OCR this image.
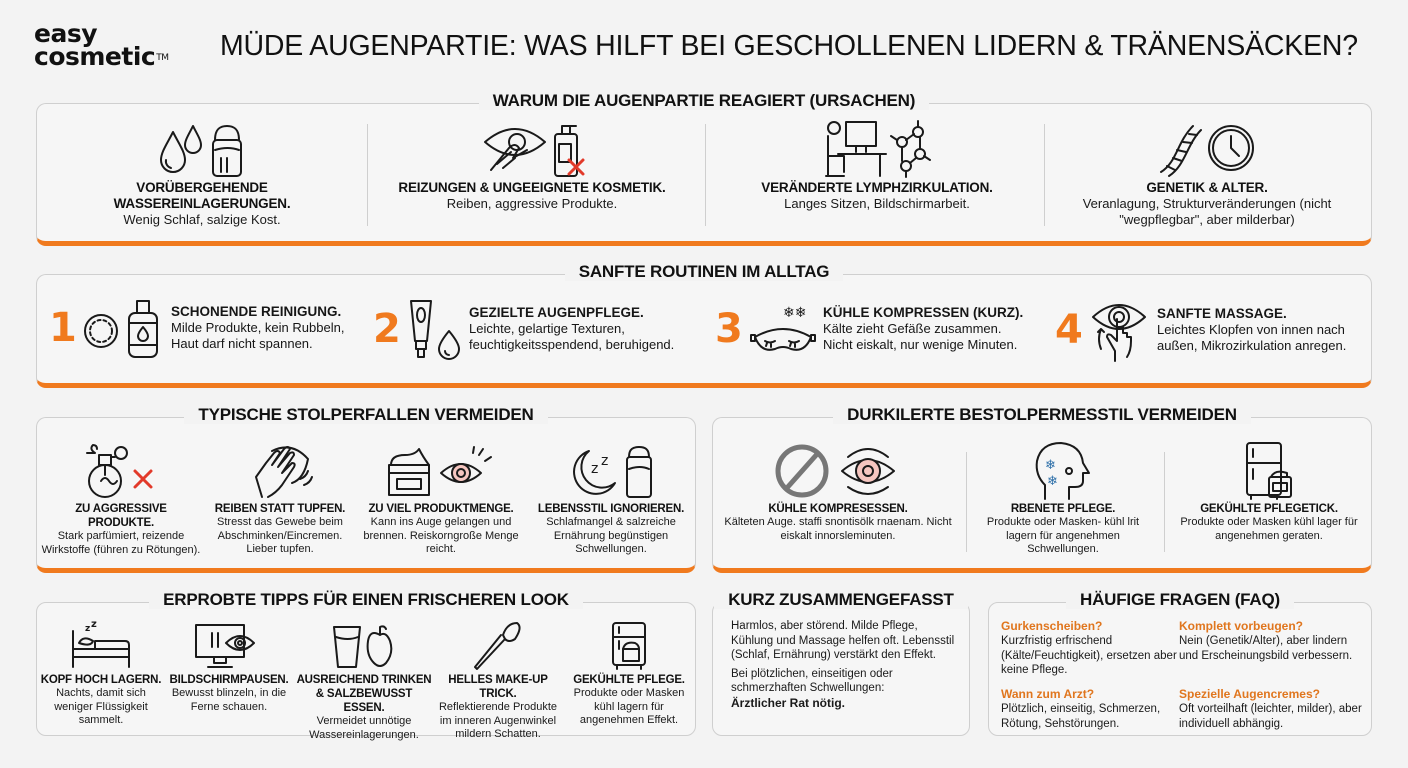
easy
cosmetic™ MÜDE AUGENPARTIE: WAS HILFT BEI GESCHOLLENEN LIDERN & TRÄNENSÄCKEN?
WARUM DIE AUGENPARTIE REAGIERT (URSACHEN)
VORÜBERGEHENDE WASSEREINLAGERUNGEN.

Wenig Schlaf, salzige Kost.

REIZUNGEN & UNGEEIGNETE KOSMETIK.

Reiben, aggressive Produkte.

VERÄNDERTE LYMPHZIRKULATION.

Langes Sitzen, Bildschirmarbeit.

GENETIK & ALTER.

Veranlagung, Strukturveränderungen (nicht "wegpflegbar", aber milderbar)

SANFTE ROUTINEN IM ALLTAG
1	SCHONENDE REINIGUNG.

Milde Produkte, kein Rubbeln,

Haut darf nicht spannen.	2	GEZIELTE AUGENPFLEGE.

Leichte, gelartige Texturen,

feuchtigkeitsspendend, beruhigend. 3	❄❄ KÜHLE KOMPRESSEN (KURZ).

Kälte zieht Gefäße zusammen.

Nicht eiskalt, nur wenige Minuten. 4	SANFTE MASSAGE.

Leichtes Klopfen von innen nach

außen, Mikrozirkulation anregen.

TYPISCHE STOLPERFALLEN VERMEIDEN
ZU AGGRESSIVE PRODUKTE.

Stark parfümiert, reizende Wirkstoffe (führen zu Rötungen).

REIBEN STATT TUPFEN.

Stresst das Gewebe beim Abschminken/Eincremen. Lieber tupfen.

ZU VIEL PRODUKTMENGE.

Kann ins Auge gelangen und brennen. Reiskorngroße Menge reicht.

z z
LEBENSSTIL IGNORIEREN.

Schlafmangel & salzreiche Ernährung begünstigen Schwellungen.

DURKILERTE BESTOLPERMESSTIL VERMEIDEN
KÜHLE KOMPRESESSEN.

Kälteten Auge. staffi snontisölk rnaenam. Nicht eiskalt innorsleminuten.

❄
❄
RBENETE PFLEGE.

Produkte oder Masken- kühl lrit lagern für angenehmen Schwellungen.

GEKÜHLTE PFLEGETICK.

Produkte oder Masken kühl lager für angenehmen geraten.

ERPROBTE TIPPS FÜR EINEN FRISCHEREN LOOK
z z
KOPF HOCH LAGERN.

Nachts, damit sich weniger Flüssigkeit sammelt.

BILDSCHIRMPAUSEN.

Bewusst blinzeln, in die Ferne schauen.

AUSREICHEND TRINKEN & SALZBEWUSST ESSEN.

Vermeidet unnötige Wassereinlagerungen.

HELLES MAKE-UP TRICK.

Reflektierende Produkte im inneren Augenwinkel mildern Schatten.

GEKÜHLTE PFLEGE.

Produkte oder Masken kühl lagern für angenehmen Effekt.

KURZ ZUSAMMENGEFASST

Harmlos, aber störend. Milde Pflege, Kühlung und Massage helfen oft. Lebensstil (Schlaf, Ernährung) verstärkt den Effekt.

Bei plötzlichen, einseitigen oder schmerzhaften Schwellungen:

Ärztlicher Rat nötig.
HÄUFIGE FRAGEN (FAQ)
Gurkenscheiben?

Kurzfristig erfrischend (Kälte/Feuchtigkeit), ersetzen aber keine Pflege.

Komplett vorbeugen?

Nein (Genetik/Alter), aber lindern und Erscheinungsbild verbessern.

Wann zum Arzt?

Plötzlich, einseitig, Schmerzen, Rötung, Sehstörungen.

Spezielle Augencremes?

Oft vorteilhaft (leichter, milder), aber individuell abhängig.
